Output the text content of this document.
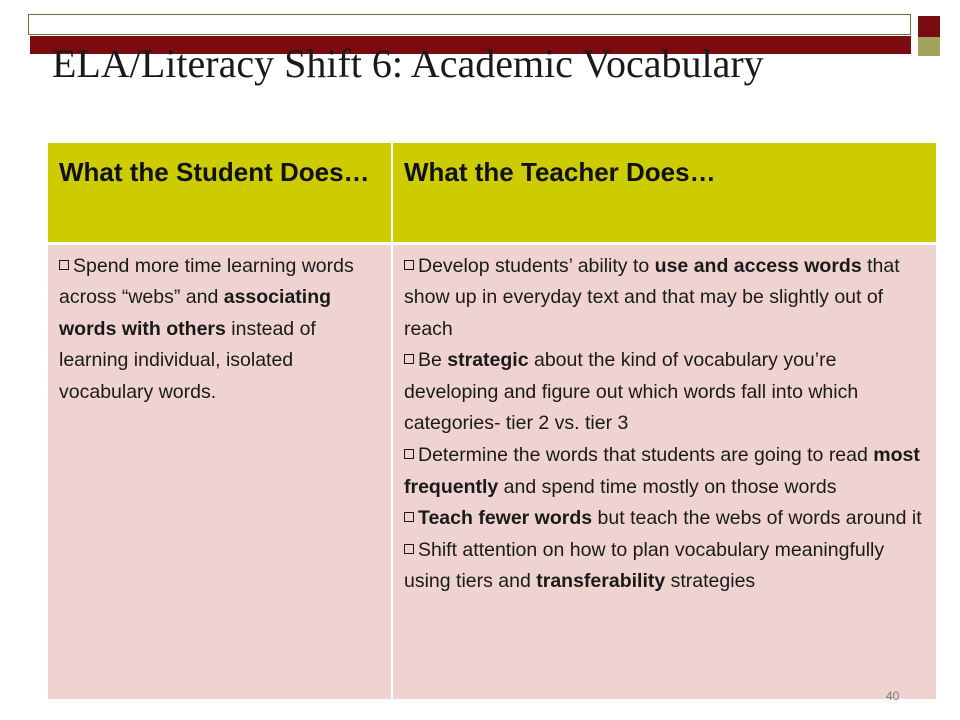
ELA/Literacy Shift 6: Academic Vocabulary
What the Student Does…	What the Teacher Does…

Spend more time learning words across “webs” and associating words with others instead of learning individual, isolated vocabulary words.	Develop students’ ability to use and access words that show up in everyday text and that may be slightly out of reach
Be strategic about the kind of vocabulary you’re developing and figure out which words fall into which categories- tier 2 vs. tier 3
Determine the words that students are going to read most frequently and spend time mostly on those words
Teach fewer words but teach the webs of words around it
Shift attention on how to plan vocabulary meaningfully using tiers and transferability strategies
40
